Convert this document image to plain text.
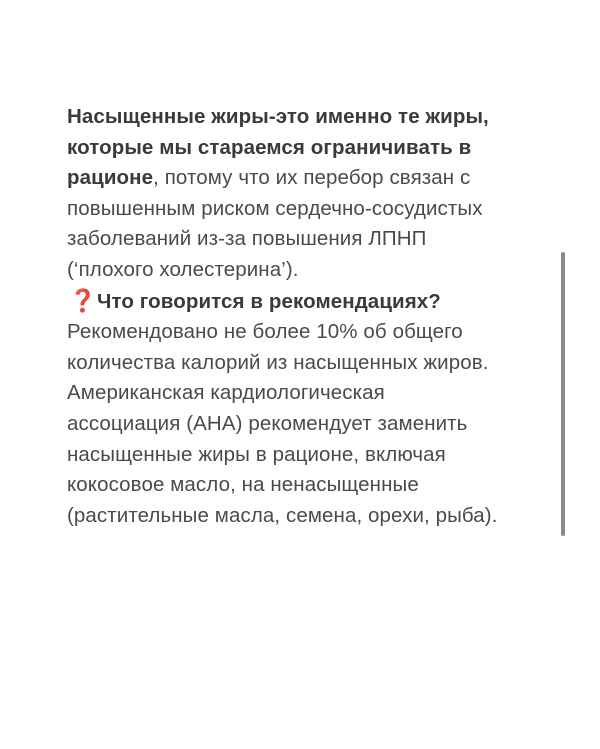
Насыщенные жиры-это именно те жиры,
которые мы стараемся ограничивать в
рационе, потому что их перебор связан с
повышенным риском сердечно-сосудистых
заболеваний из-за повышения ЛПНП
(‘плохого холестерина’).
❓Что говорится в рекомендациях?
Рекомендовано не более 10% об общего
количества калорий из насыщенных жиров.
Американская кардиологическая
ассоциация (АНА) рекомендует заменить
насыщенные жиры в рационе, включая
кокосовое масло, на ненасыщенные
(растительные масла, семена, орехи, рыба).
